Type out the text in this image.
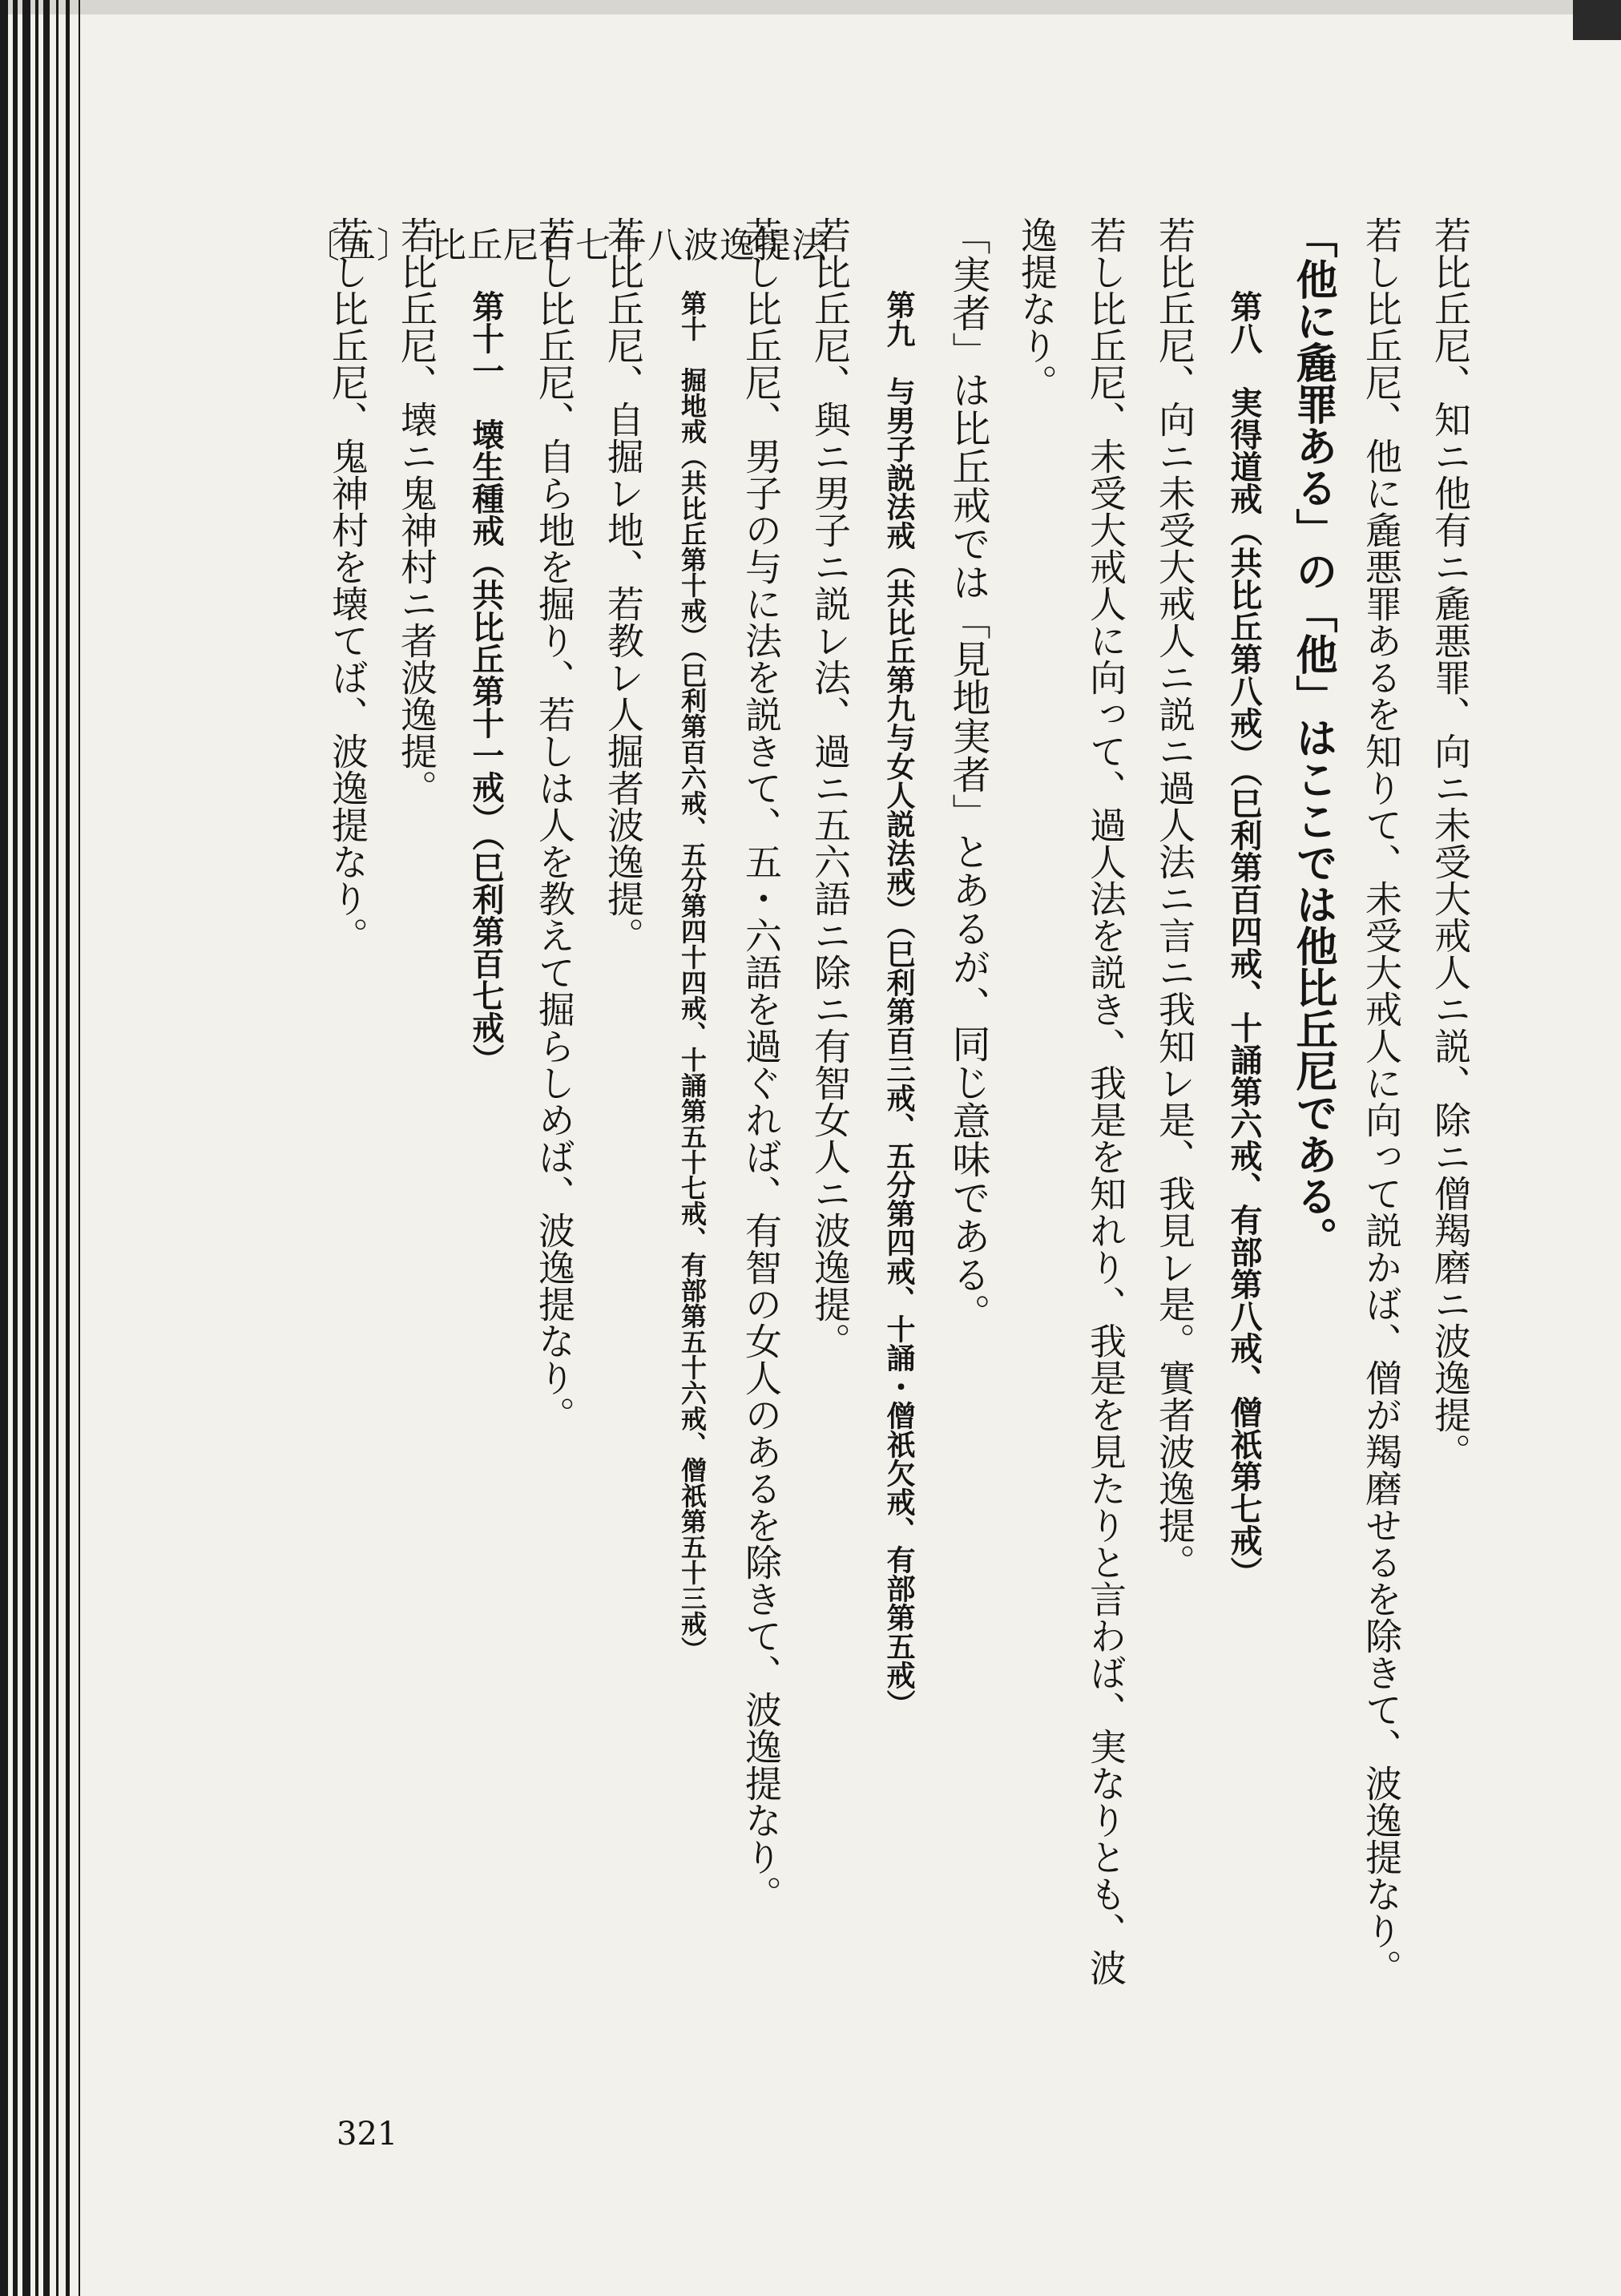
〔五〕　比丘尼百七十八波逸提法	若比丘尼、知ニ他有ニ麁悪罪、向ニ未受大戒人ニ説、除ニ僧羯磨ニ波逸提。
若し比丘尼、他に麁悪罪あるを知りて、未受大戒人に向って説かば、僧が羯磨せるを除きて、波逸提なり。
「他に麁罪ある」の「他」はここでは他比丘尼である。
第八　実得道戒（共比丘第八戒）（巳利第百四戒、十誦第六戒、有部第八戒、僧祇第七戒）
若比丘尼、向ニ未受大戒人ニ説ニ過人法ニ言ニ我知レ是、我見レ是。實者波逸提。
若し比丘尼、未受大戒人に向って、過人法を説き、我是を知れり、我是を見たりと言わば、実なりとも、波
逸提なり。
「実者」は比丘戒では「見地実者」とあるが、同じ意味である。
第九　与男子説法戒（共比丘第九与女人説法戒）（巳利第百三戒、五分第四戒、十誦・僧祇欠戒、有部第五戒）
若比丘尼、與ニ男子ニ説レ法、過ニ五六語ニ除ニ有智女人ニ波逸提。
若し比丘尼、男子の与に法を説きて、五・六語を過ぐれば、有智の女人のあるを除きて、波逸提なり。
第十　掘地戒（共比丘第十戒）（巳利第百六戒、五分第四十四戒、十誦第五十七戒、有部第五十六戒、僧祇第五十三戒）
若比丘尼、自掘レ地、若教レ人掘者波逸提。
若し比丘尼、自ら地を掘り、若しは人を教えて掘らしめば、波逸提なり。
第十一　壊生種戒（共比丘第十一戒）（巳利第百七戒）
若比丘尼、壊ニ鬼神村ニ者波逸提。
若し比丘尼、鬼神村を壊てば、波逸提なり。
321
